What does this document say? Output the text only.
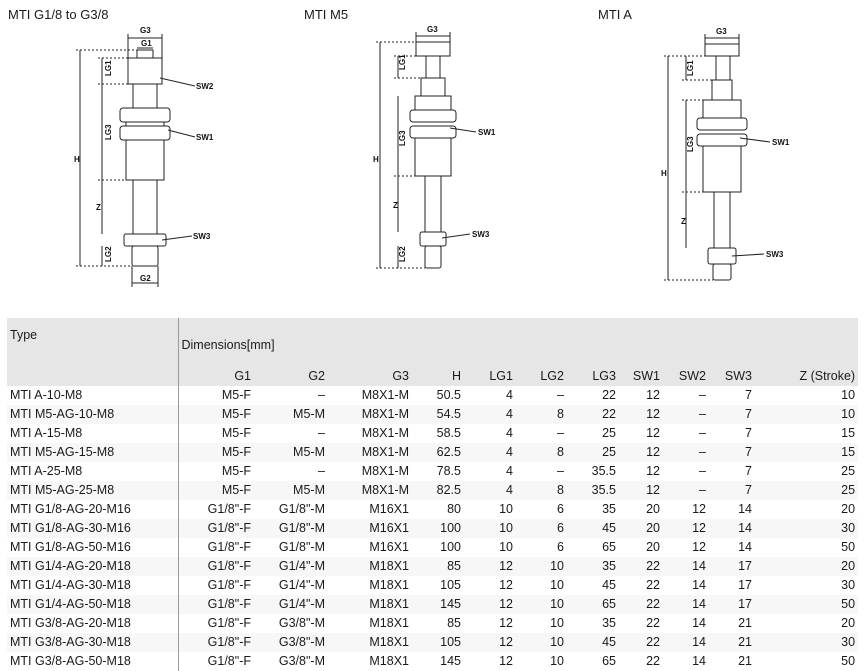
MTI G1/8 to G3/8	MTI M5	MTI A
G3
G1
G2
SW2
SW1
SW3
H
Z
LG1
LG3
LG2
G3
SW1
SW3
H
Z
LG1
LG3
LG2
G3
SW1
SW3
H
Z
LG1
LG3
Type	Dimensions[mm]										
	G1	G2	G3	H	LG1	LG2	LG3	SW1	SW2	SW3	Z (Stroke)
MTI A-10-M8	M5-F	–	M8X1-M	50.5	4	–	22	12	–	7	10
MTI M5-AG-10-M8	M5-F	M5-M	M8X1-M	54.5	4	8	22	12	–	7	10
MTI A-15-M8	M5-F	–	M8X1-M	58.5	4	–	25	12	–	7	15
MTI M5-AG-15-M8	M5-F	M5-M	M8X1-M	62.5	4	8	25	12	–	7	15
MTI A-25-M8	M5-F	–	M8X1-M	78.5	4	–	35.5	12	–	7	25
MTI M5-AG-25-M8	M5-F	M5-M	M8X1-M	82.5	4	8	35.5	12	–	7	25
MTI G1/8-AG-20-M16	G1/8"-F	G1/8"-M	M16X1	80	10	6	35	20	12	14	20
MTI G1/8-AG-30-M16	G1/8"-F	G1/8"-M	M16X1	100	10	6	45	20	12	14	30
MTI G1/8-AG-50-M16	G1/8"-F	G1/8"-M	M16X1	100	10	6	65	20	12	14	50
MTI G1/4-AG-20-M18	G1/8"-F	G1/4"-M	M18X1	85	12	10	35	22	14	17	20
MTI G1/4-AG-30-M18	G1/8"-F	G1/4"-M	M18X1	105	12	10	45	22	14	17	30
MTI G1/4-AG-50-M18	G1/8"-F	G1/4"-M	M18X1	145	12	10	65	22	14	17	50
MTI G3/8-AG-20-M18	G1/8"-F	G3/8"-M	M18X1	85	12	10	35	22	14	21	20
MTI G3/8-AG-30-M18	G1/8"-F	G3/8"-M	M18X1	105	12	10	45	22	14	21	30
MTI G3/8-AG-50-M18	G1/8"-F	G3/8"-M	M18X1	145	12	10	65	22	14	21	50
